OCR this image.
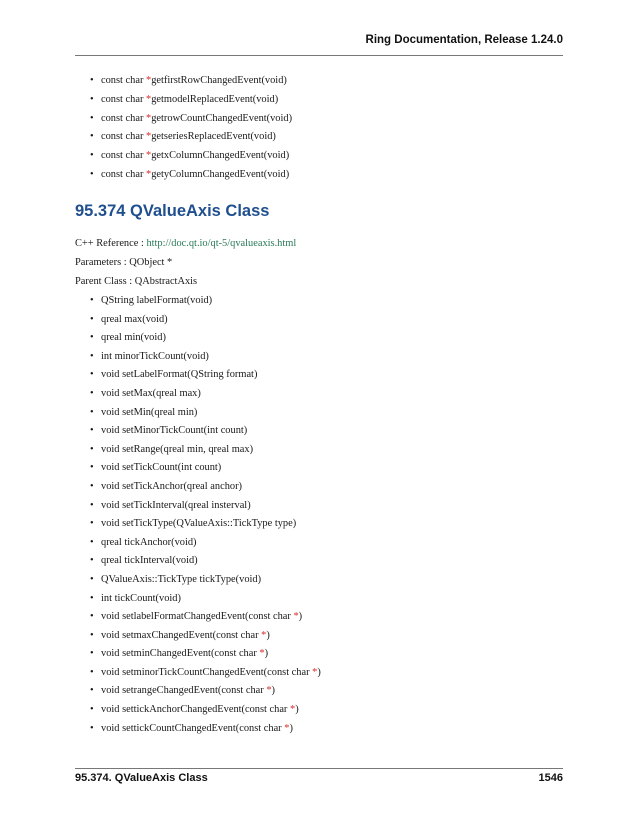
Ring Documentation, Release 1.24.0
• const char *getfirstRowChangedEvent(void)
• const char *getmodelReplacedEvent(void)
• const char *getrowCountChangedEvent(void)
• const char *getseriesReplacedEvent(void)
• const char *getxColumnChangedEvent(void)
• const char *getyColumnChangedEvent(void)
95.374 QValueAxis Class
C++ Reference : http://doc.qt.io/qt-5/qvalueaxis.html
Parameters : QObject *
Parent Class : QAbstractAxis
• QString labelFormat(void)
• qreal max(void)
• qreal min(void)
• int minorTickCount(void)
• void setLabelFormat(QString format)
• void setMax(qreal max)
• void setMin(qreal min)
• void setMinorTickCount(int count)
• void setRange(qreal min, qreal max)
• void setTickCount(int count)
• void setTickAnchor(qreal anchor)
• void setTickInterval(qreal insterval)
• void setTickType(QValueAxis::TickType type)
• qreal tickAnchor(void)
• qreal tickInterval(void)
• QValueAxis::TickType tickType(void)
• int tickCount(void)
• void setlabelFormatChangedEvent(const char *)
• void setmaxChangedEvent(const char *)
• void setminChangedEvent(const char *)
• void setminorTickCountChangedEvent(const char *)
• void setrangeChangedEvent(const char *)
• void settickAnchorChangedEvent(const char *)
• void settickCountChangedEvent(const char *)
95.374. QValueAxis Class	1546
